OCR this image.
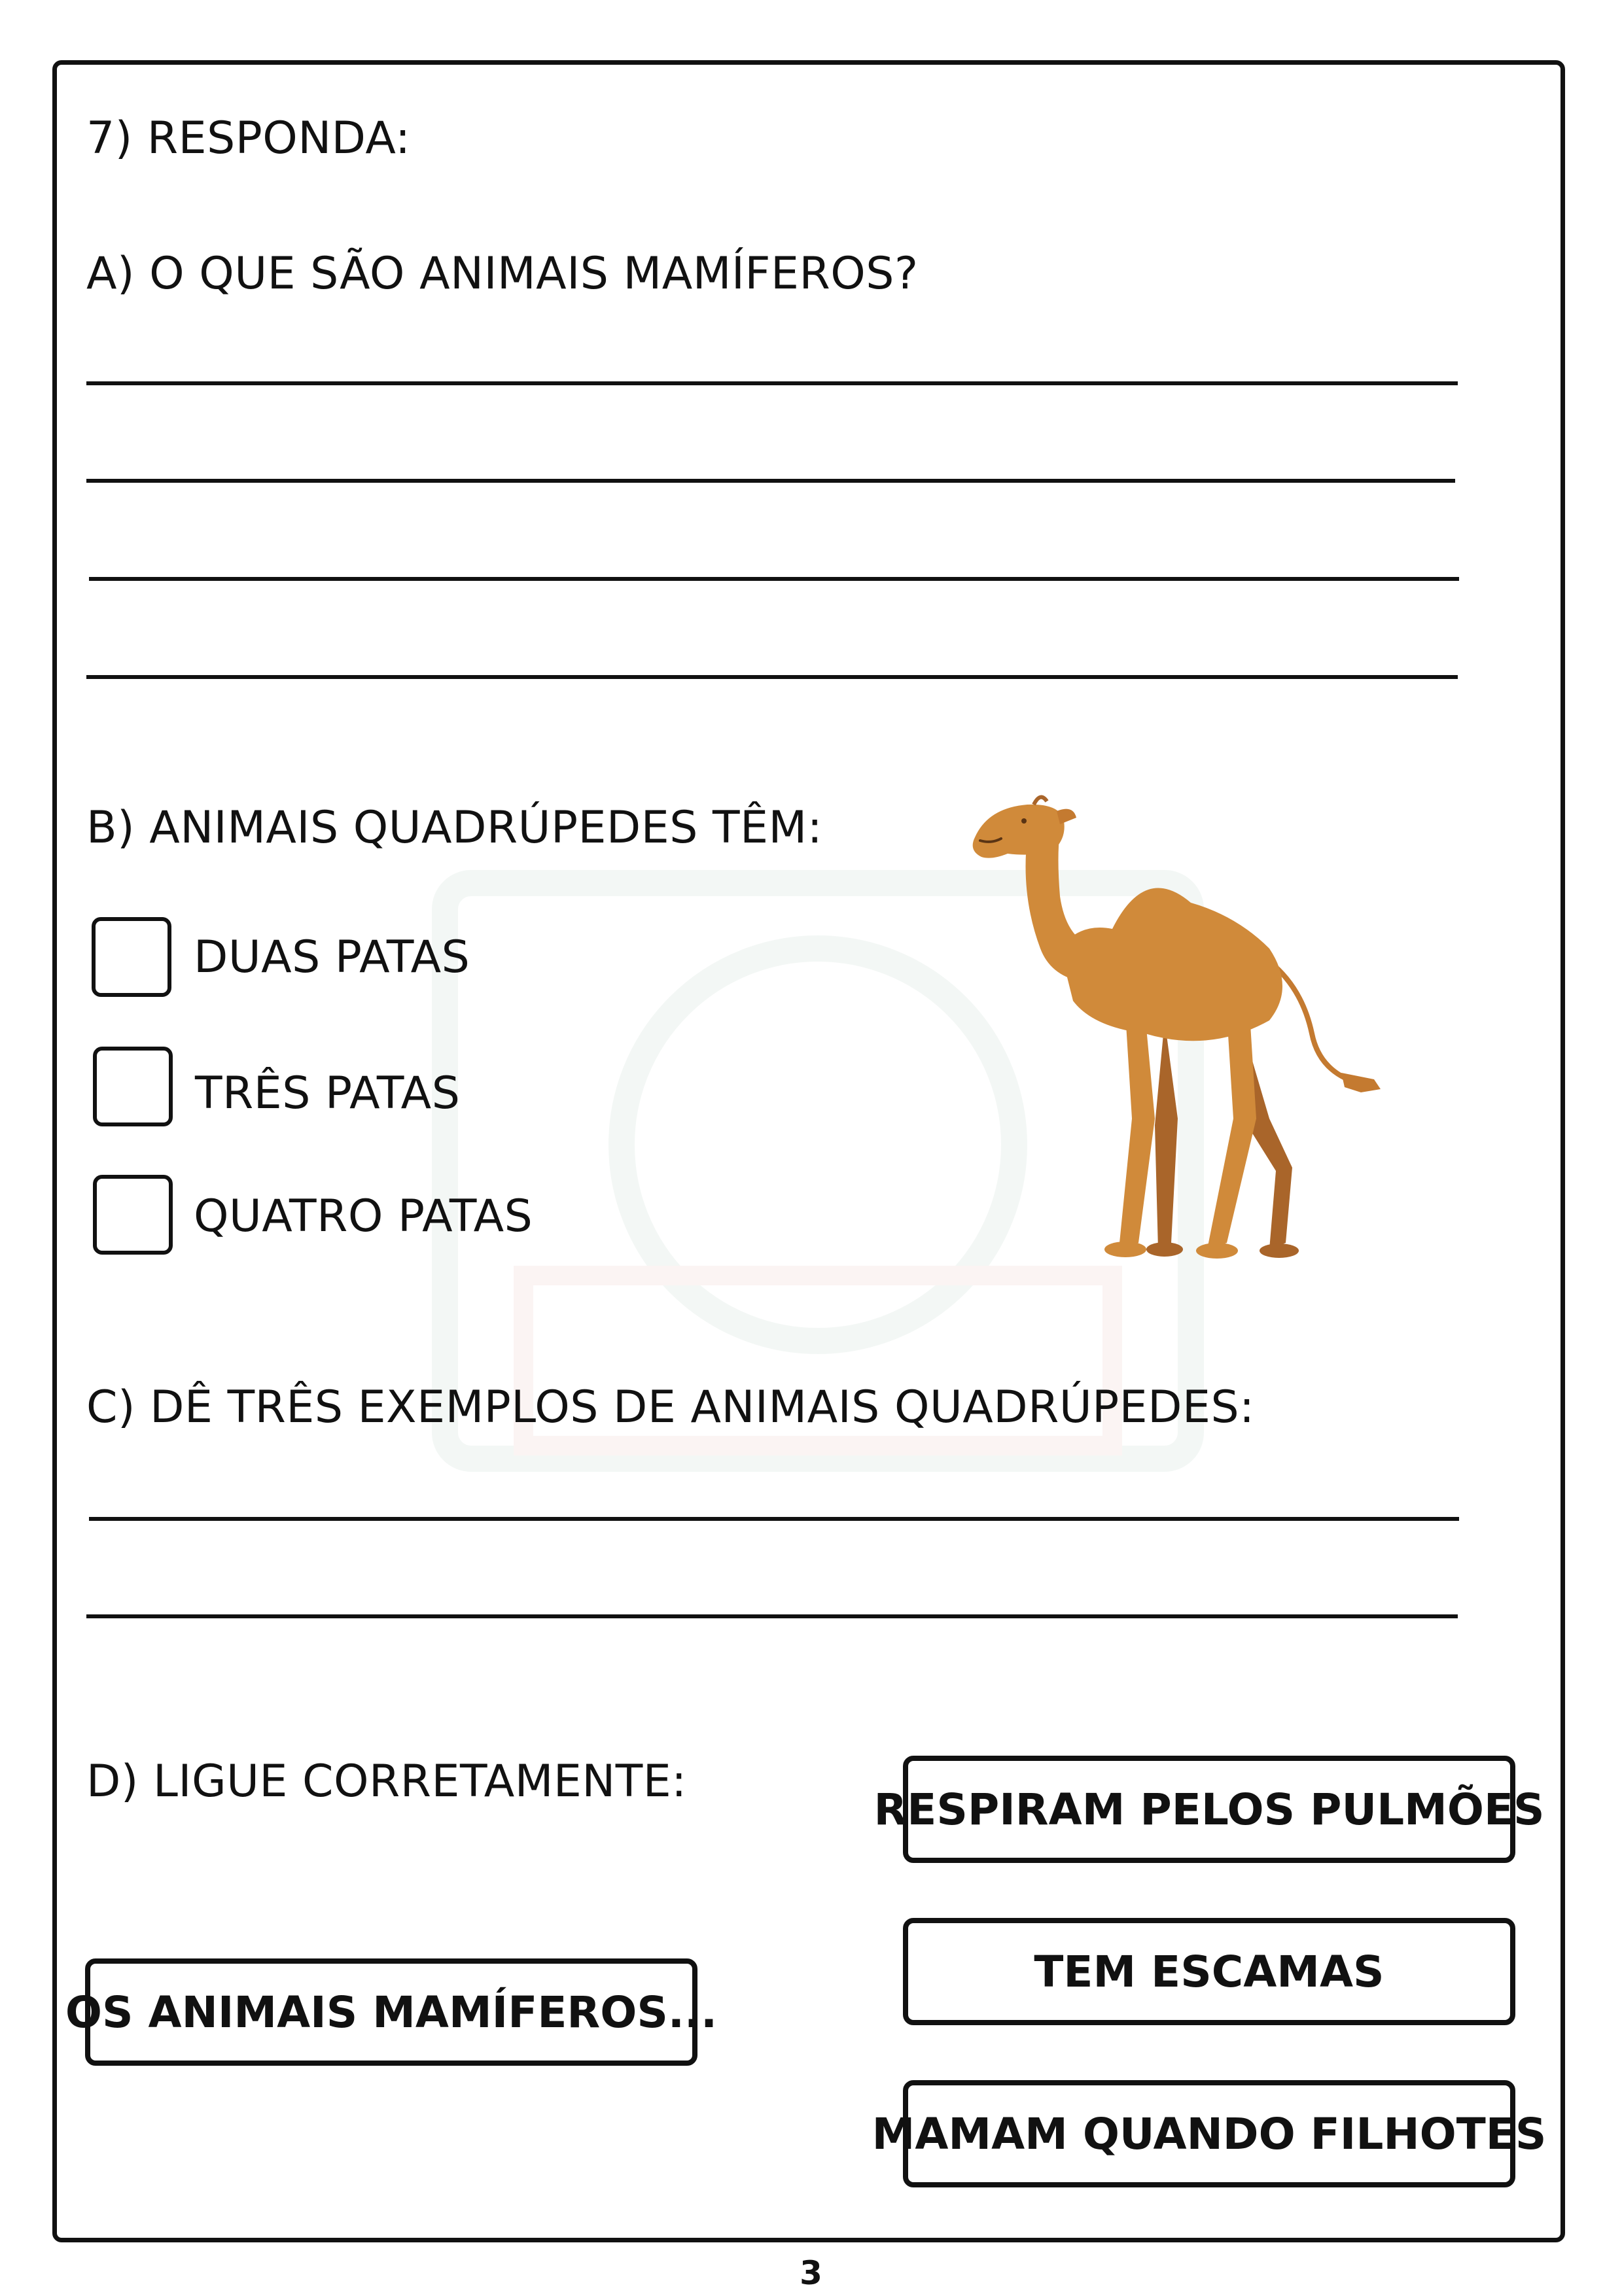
7) RESPONDA:
A) O QUE SÃO ANIMAIS MAMÍFEROS?
B) ANIMAIS QUADRÚPEDES TÊM:
DUAS PATAS
TRÊS PATAS
QUATRO PATAS
C) DÊ TRÊS EXEMPLOS DE ANIMAIS QUADRÚPEDES:
D) LIGUE CORRETAMENTE:
RESPIRAM PELOS PULMÕES
TEM ESCAMAS
MAMAM QUANDO FILHOTES
OS ANIMAIS MAMÍFEROS...
3
